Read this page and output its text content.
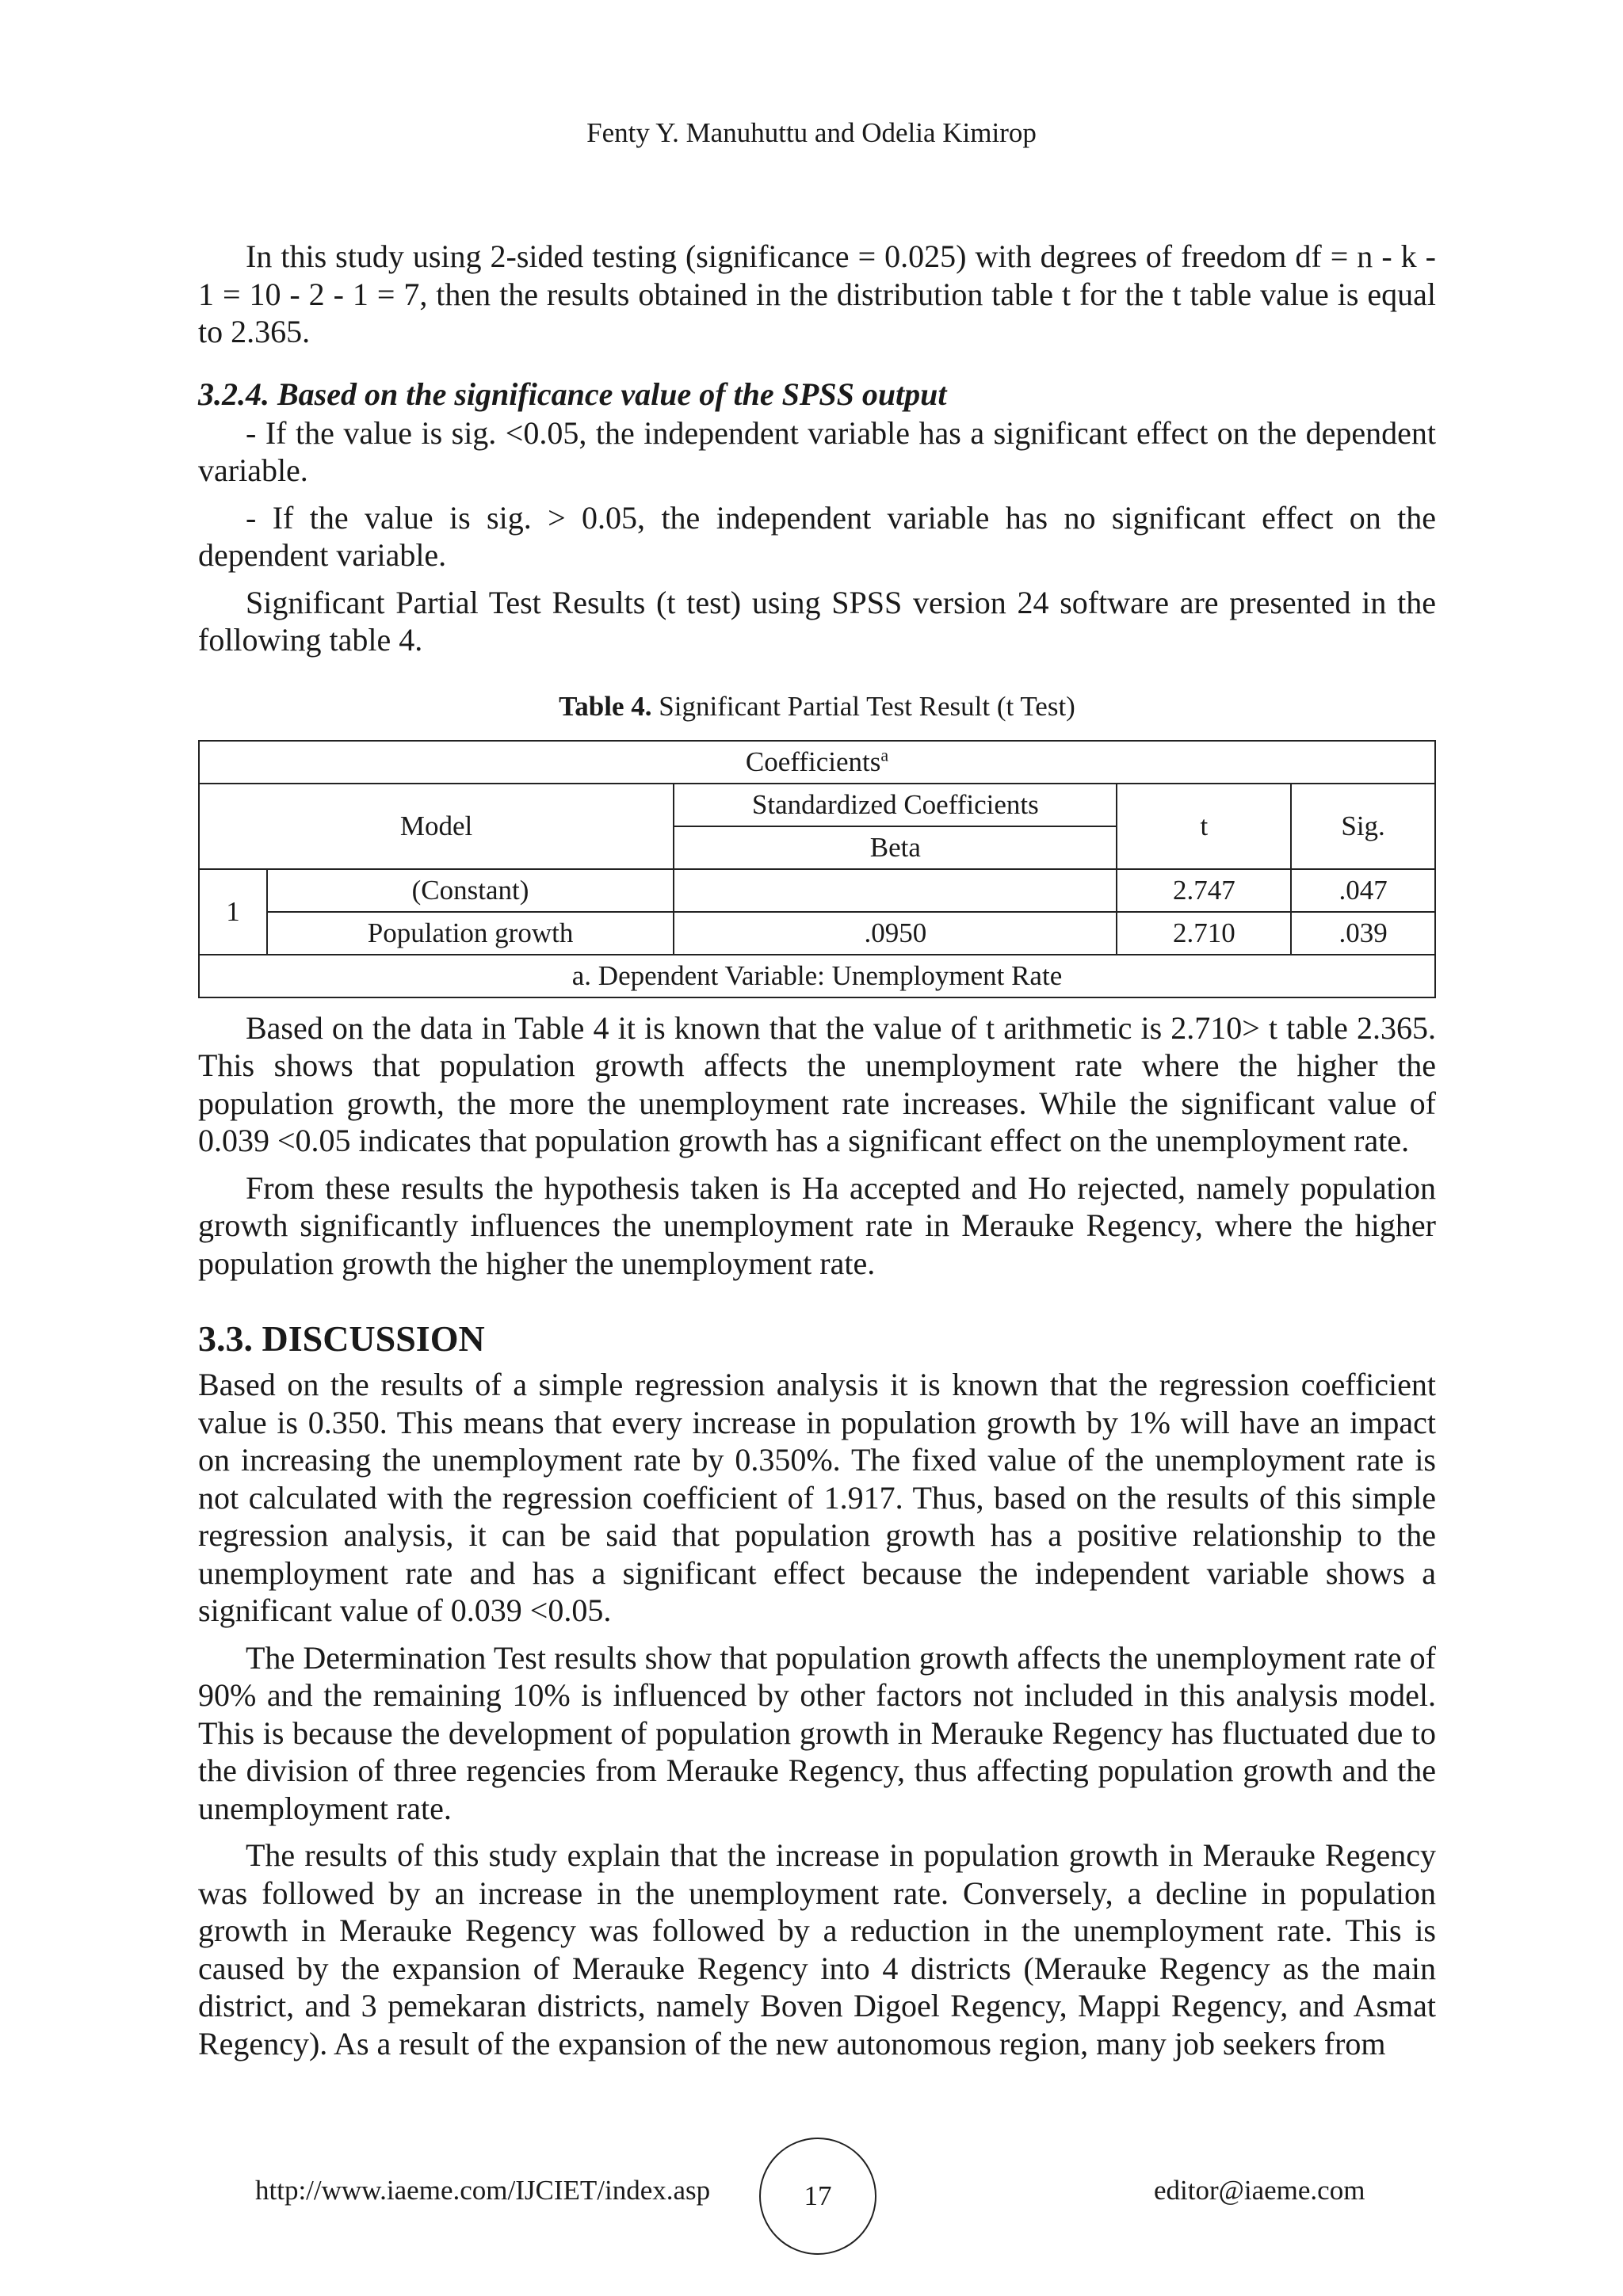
Fenty Y. Manuhuttu and Odelia Kimirop

In this study using 2-sided testing (significance = 0.025) with degrees of freedom df = n - k - 1 = 10 - 2 - 1 = 7, then the results obtained in the distribution table t for the t table value is equal to 2.365.

3.2.4. Based on the significance value of the SPSS output

- If the value is sig. <0.05, the independent variable has a significant effect on the dependent variable.

- If the value is sig. > 0.05, the independent variable has no significant effect on the dependent variable.

Significant Partial Test Results (t test) using SPSS version 24 software are presented in the following table 4.

Table 4. Significant Partial Test Result (t Test)
Coefficients$^a$
Model		Standardized Coefficients	t	Sig.
		Beta		
1	(Constant)		2.747	.047
	Population growth	.0950	2.710	.039
a. Dependent Variable: Unemployment Rate				

Based on the data in Table 4 it is known that the value of t arithmetic is 2.710> t table 2.365. This shows that population growth affects the unemployment rate where the higher the population growth, the more the unemployment rate increases. While the significant value of 0.039 <0.05 indicates that population growth has a significant effect on the unemployment rate.

From these results the hypothesis taken is Ha accepted and Ho rejected, namely population growth significantly influences the unemployment rate in Merauke Regency, where the higher population growth the higher the unemployment rate.

3.3. DISCUSSION

Based on the results of a simple regression analysis it is known that the regression coefficient value is 0.350. This means that every increase in population growth by 1% will have an impact on increasing the unemployment rate by 0.350%. The fixed value of the unemployment rate is not calculated with the regression coefficient of 1.917. Thus, based on the results of this simple regression analysis, it can be said that population growth has a positive relationship to the unemployment rate and has a significant effect because the independent variable shows a significant value of 0.039 <0.05.

The Determination Test results show that population growth affects the unemployment rate of 90% and the remaining 10% is influenced by other factors not included in this analysis model. This is because the development of population growth in Merauke Regency has fluctuated due to the division of three regencies from Merauke Regency, thus affecting population growth and the unemployment rate.

The results of this study explain that the increase in population growth in Merauke Regency was followed by an increase in the unemployment rate. Conversely, a decline in population growth in Merauke Regency was followed by a reduction in the unemployment rate. This is caused by the expansion of Merauke Regency into 4 districts (Merauke Regency as the main district, and 3 pemekaran districts, namely Boven Digoel Regency, Mappi Regency, and Asmat Regency). As a result of the expansion of the new autonomous region, many job seekers from

http://www.iaeme.com/IJCIET/index.asp	17	editor@iaeme.com
